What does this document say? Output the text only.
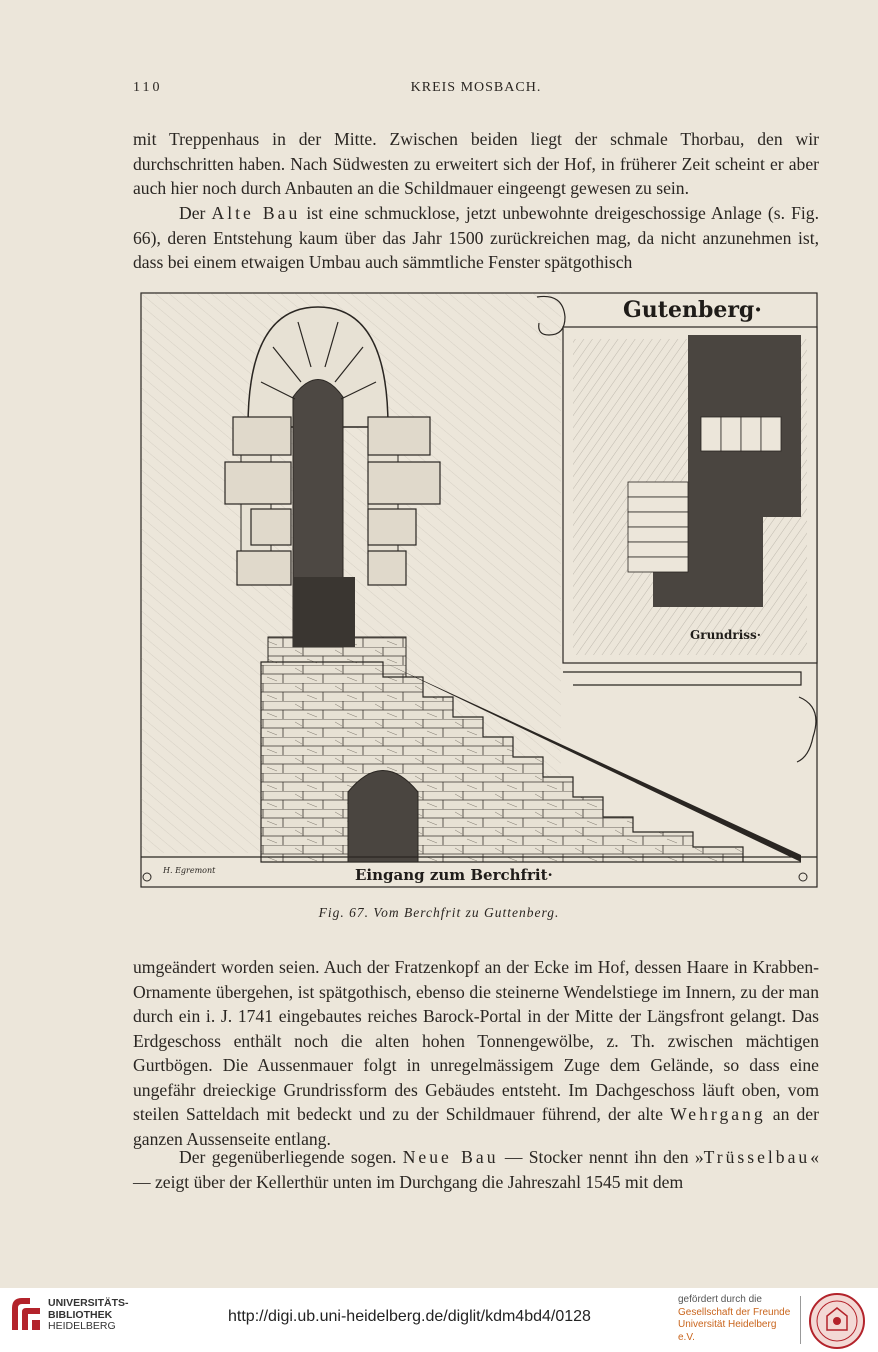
110	KREIS MOSBACH.

mit Treppenhaus in der Mitte. Zwischen beiden liegt der schmale Thorbau, den wir durchschritten haben. Nach Südwesten zu erweitert sich der Hof, in früherer Zeit scheint er aber auch hier noch durch Anbauten an die Schildmauer eingeengt gewesen zu sein.

Der Alte Bau ist eine schmucklose, jetzt unbewohnte dreigeschossige Anlage (s. Fig. 66), deren Entstehung kaum über das Jahr 1500 zurückreichen mag, da nicht anzunehmen ist, dass bei einem etwaigen Umbau auch sämmtliche Fenster spätgothisch

Gutenberg·
Grundriss·
Eingang zum Berchfrit·
H. Egremont
Fig. 67. Vom Berchfrit zu Guttenberg.

umgeändert worden seien. Auch der Fratzenkopf an der Ecke im Hof, dessen Haare in Krabben-Ornamente übergehen, ist spätgothisch, ebenso die steinerne Wendelstiege im Innern, zu der man durch ein i. J. 1741 eingebautes reiches Barock-Portal in der Mitte der Längsfront gelangt. Das Erdgeschoss enthält noch die alten hohen Tonnengewölbe, z. Th. zwischen mächtigen Gurtbögen. Die Aussenmauer folgt in unregelmässigem Zuge dem Gelände, so dass eine ungefähr dreieckige Grundrissform des Gebäudes entsteht. Im Dachgeschoss läuft oben, vom steilen Satteldach mit bedeckt und zu der Schildmauer führend, der alte Wehrgang an der ganzen Aussenseite entlang.

Der gegenüberliegende sogen. Neue Bau — Stocker nennt ihn den »Trüsselbau« — zeigt über der Kellerthür unten im Durchgang die Jahreszahl 1545 mit dem

UNIVERSITÄTS-
BIBLIOTHEK
HEIDELBERG
http://digi.ub.uni-heidelberg.de/diglit/kdm4bd4/0128
gefördert durch die
Gesellschaft der Freunde
Universität Heidelberg e.V.
